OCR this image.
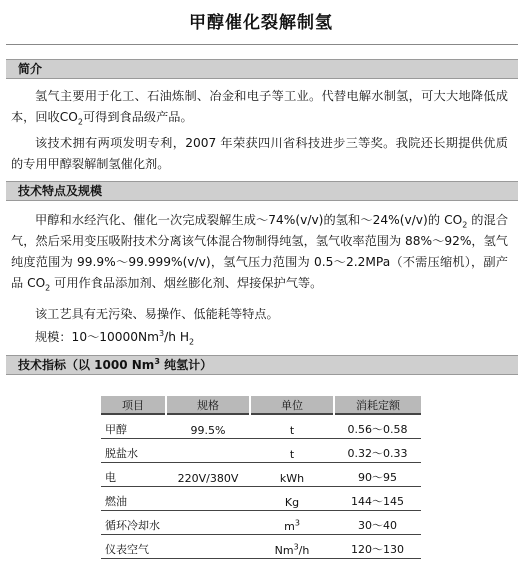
甲醇催化裂解制氢
简介

氢气主要用于化工、石油炼制、冶金和电子等工业。代替电解水制氢，可大大地降低成本，回收$CO_2$可得到食品级产品。

该技术拥有两项发明专利，2007 年荣获四川省科技进步三等奖。我院还长期提供优质的专用甲醇裂解制氢催化剂。

技术特点及规模

甲醇和水经汽化、催化一次完成裂解生成～74%(v/v)的氢和～24%(v/v)的 $CO_2$ 的混合气，然后采用变压吸附技术分离该气体混合物制得纯氢，氢气收率范围为 88%～92%，氢气纯度范围为 99.9%～99.999%(v/v)，氢气压力范围为 0.5～2.2MPa（不需压缩机），副产品 $CO_2$ 可用作食品添加剂、烟丝膨化剂、焊接保护气等。

该工艺具有无污染、易操作、低能耗等特点。

规模：10～10000Nm$^3$/h $H_2$

技术指标（以 1000 Nm$^3$ 纯氢计）
项目	规格	单位	消耗定额
甲醇	99.5%	t	0.56～0.58
脱盐水		t	0.32～0.33
电	220V/380V	kWh	90～95
燃油		Kg	144～145
循环冷却水		$m^3$	30～40
仪表空气		Nm$^3$/h	120～130
